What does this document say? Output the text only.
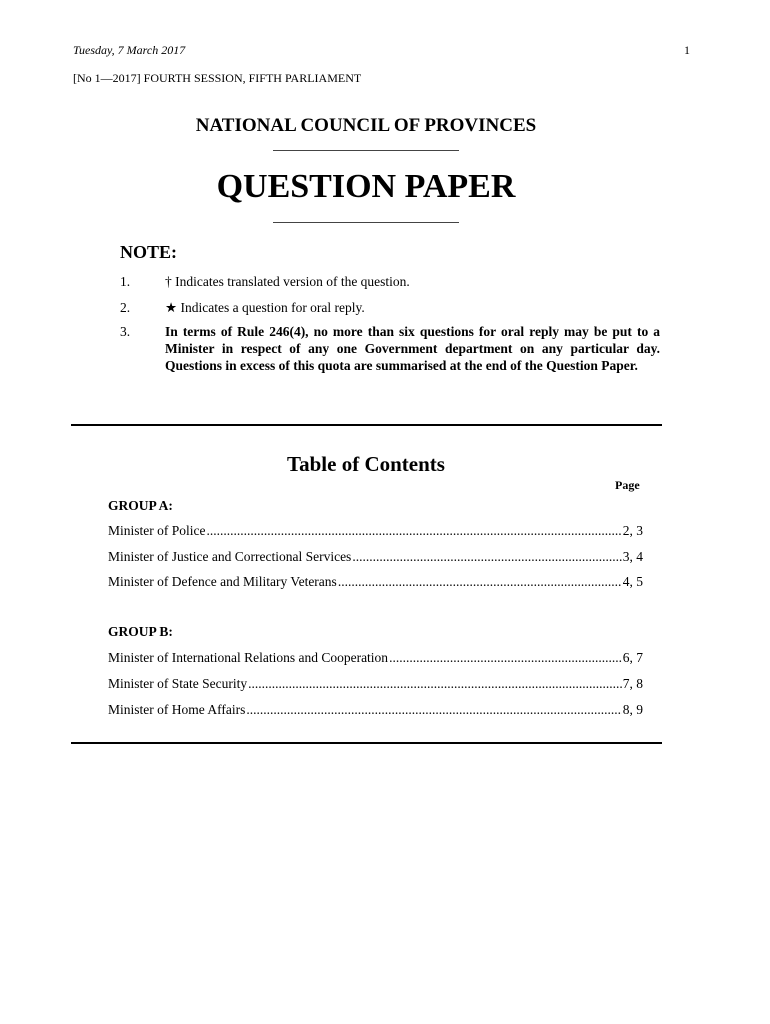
Tuesday, 7 March 2017	1
[No 1—2017] FOURTH SESSION, FIFTH PARLIAMENT
NATIONAL COUNCIL OF PROVINCES
QUESTION PAPER
NOTE:
1.	† Indicates translated version of the question.
2.	★ Indicates a question for oral reply.
3.	In terms of Rule 246(4), no more than six questions for oral reply may be put to a Minister in respect of any one Government department on any particular day. Questions in excess of this quota are summarised at the end of the Question Paper.
Table of Contents
Page
GROUP A:
Minister of Police .....	2, 3
Minister of Justice and Correctional Services .....	3, 4
Minister of Defence and Military Veterans .....	4, 5
GROUP B:
Minister of International Relations and Cooperation .....	6, 7
Minister of State Security .....	7, 8
Minister of Home Affairs .....	8, 9
